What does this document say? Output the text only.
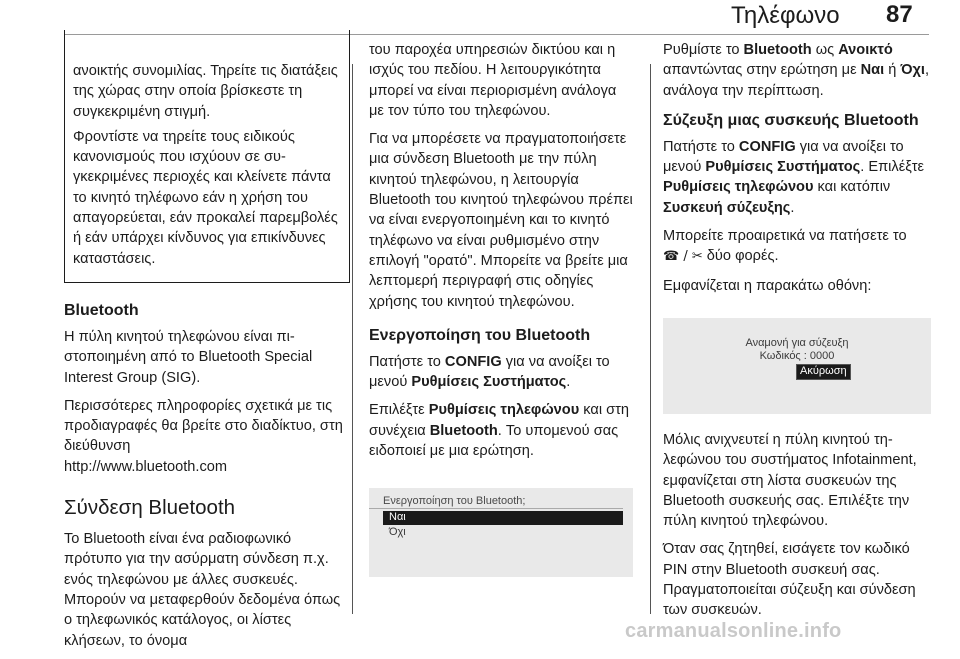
Τηλέφωνο 87

ανοικτής συνομιλίας. Τηρείτε τις διατάξεις της χώρας στην οποία βρίσκεστε τη συγκεκριμένη στιγμή.

Φροντίστε να τηρείτε τους ειδικούς κανονισμούς που ισχύουν σε συγκεκριμένες περιοχές και κλείνετε πάντα το κινητό τηλέφωνο εάν η χρήση του απαγορεύεται, εάν προκαλεί παρεμβολές ή εάν υπάρχει κίνδυνος για επικίνδυνες καταστάσεις.

Bluetooth

Η πύλη κινητού τηλεφώνου είναι πιστοποιημένη από το Bluetooth Special Interest Group (SIG).

Περισσότερες πληροφορίες σχετικά με τις προδιαγραφές θα βρείτε στο διαδίκτυο, στη διεύθυνση
http://www.bluetooth.com

Σύνδεση Bluetooth

Το Bluetooth είναι ένα ραδιοφωνικό πρότυπο για την ασύρματη σύνδεση π.χ. ενός τηλεφώνου με άλλες συσκευές. Μπορούν να μεταφερθούν δεδομένα όπως ο τηλεφωνικός κατάλογος, οι λίστες κλήσεων, το όνομα

του παροχέα υπηρεσιών δικτύου και η ισχύς του πεδίου. Η λειτουργικότητα μπορεί να είναι περιορισμένη ανάλογα με τον τύπο του τηλεφώνου.

Για να μπορέσετε να πραγματοποιήσετε μια σύνδεση Bluetooth με την πύλη κινητού τηλεφώνου, η λειτουργία Bluetooth του κινητού τηλεφώνου πρέπει να είναι ενεργοποιημένη και το κινητό τηλέφωνο να είναι ρυθμισμένο στην επιλογή "ορατό". Μπορείτε να βρείτε μια λεπτομερή περιγραφή στις οδηγίες χρήσης του κινητού τηλεφώνου.

Ενεργοποίηση του Bluetooth

Πατήστε το CONFIG για να ανοίξει το μενού Ρυθμίσεις Συστήματος.

Επιλέξτε Ρυθμίσεις τηλεφώνου και στη συνέχεια Bluetooth. Το υπομενού σας ειδοποιεί με μια ερώτηση.

Ενεργοποίηση του Bluetooth;
Ναι
Όχι

Ρυθμίστε το Bluetooth ως Ανοικτό απαντώντας στην ερώτηση με Ναι ή Όχι, ανάλογα την περίπτωση.

Σύζευξη μιας συσκευής Bluetooth

Πατήστε το CONFIG για να ανοίξει το μενού Ρυθμίσεις Συστήματος. Επιλέξτε Ρυθμίσεις τηλεφώνου και κατόπιν Συσκευή σύζευξης.

Μπορείτε προαιρετικά να πατήσετε το
☎ / ✂ δύο φορές.

Εμφανίζεται η παρακάτω οθόνη:

Αναμονή για σύζευξη
Κωδικός : 0000
Ακύρωση

Μόλις ανιχνευτεί η πύλη κινητού τηλεφώνου του συστήματος Infotainment, εμφανίζεται στη λίστα συσκευών της Bluetooth συσκευής σας. Επιλέξτε την πύλη κινητού τηλεφώνου.

Όταν σας ζητηθεί, εισάγετε τον κωδικό PIN στην Bluetooth συσκευή σας. Πραγματοποιείται σύζευξη και σύνδεση των συσκευών.

carmanualsonline.info
